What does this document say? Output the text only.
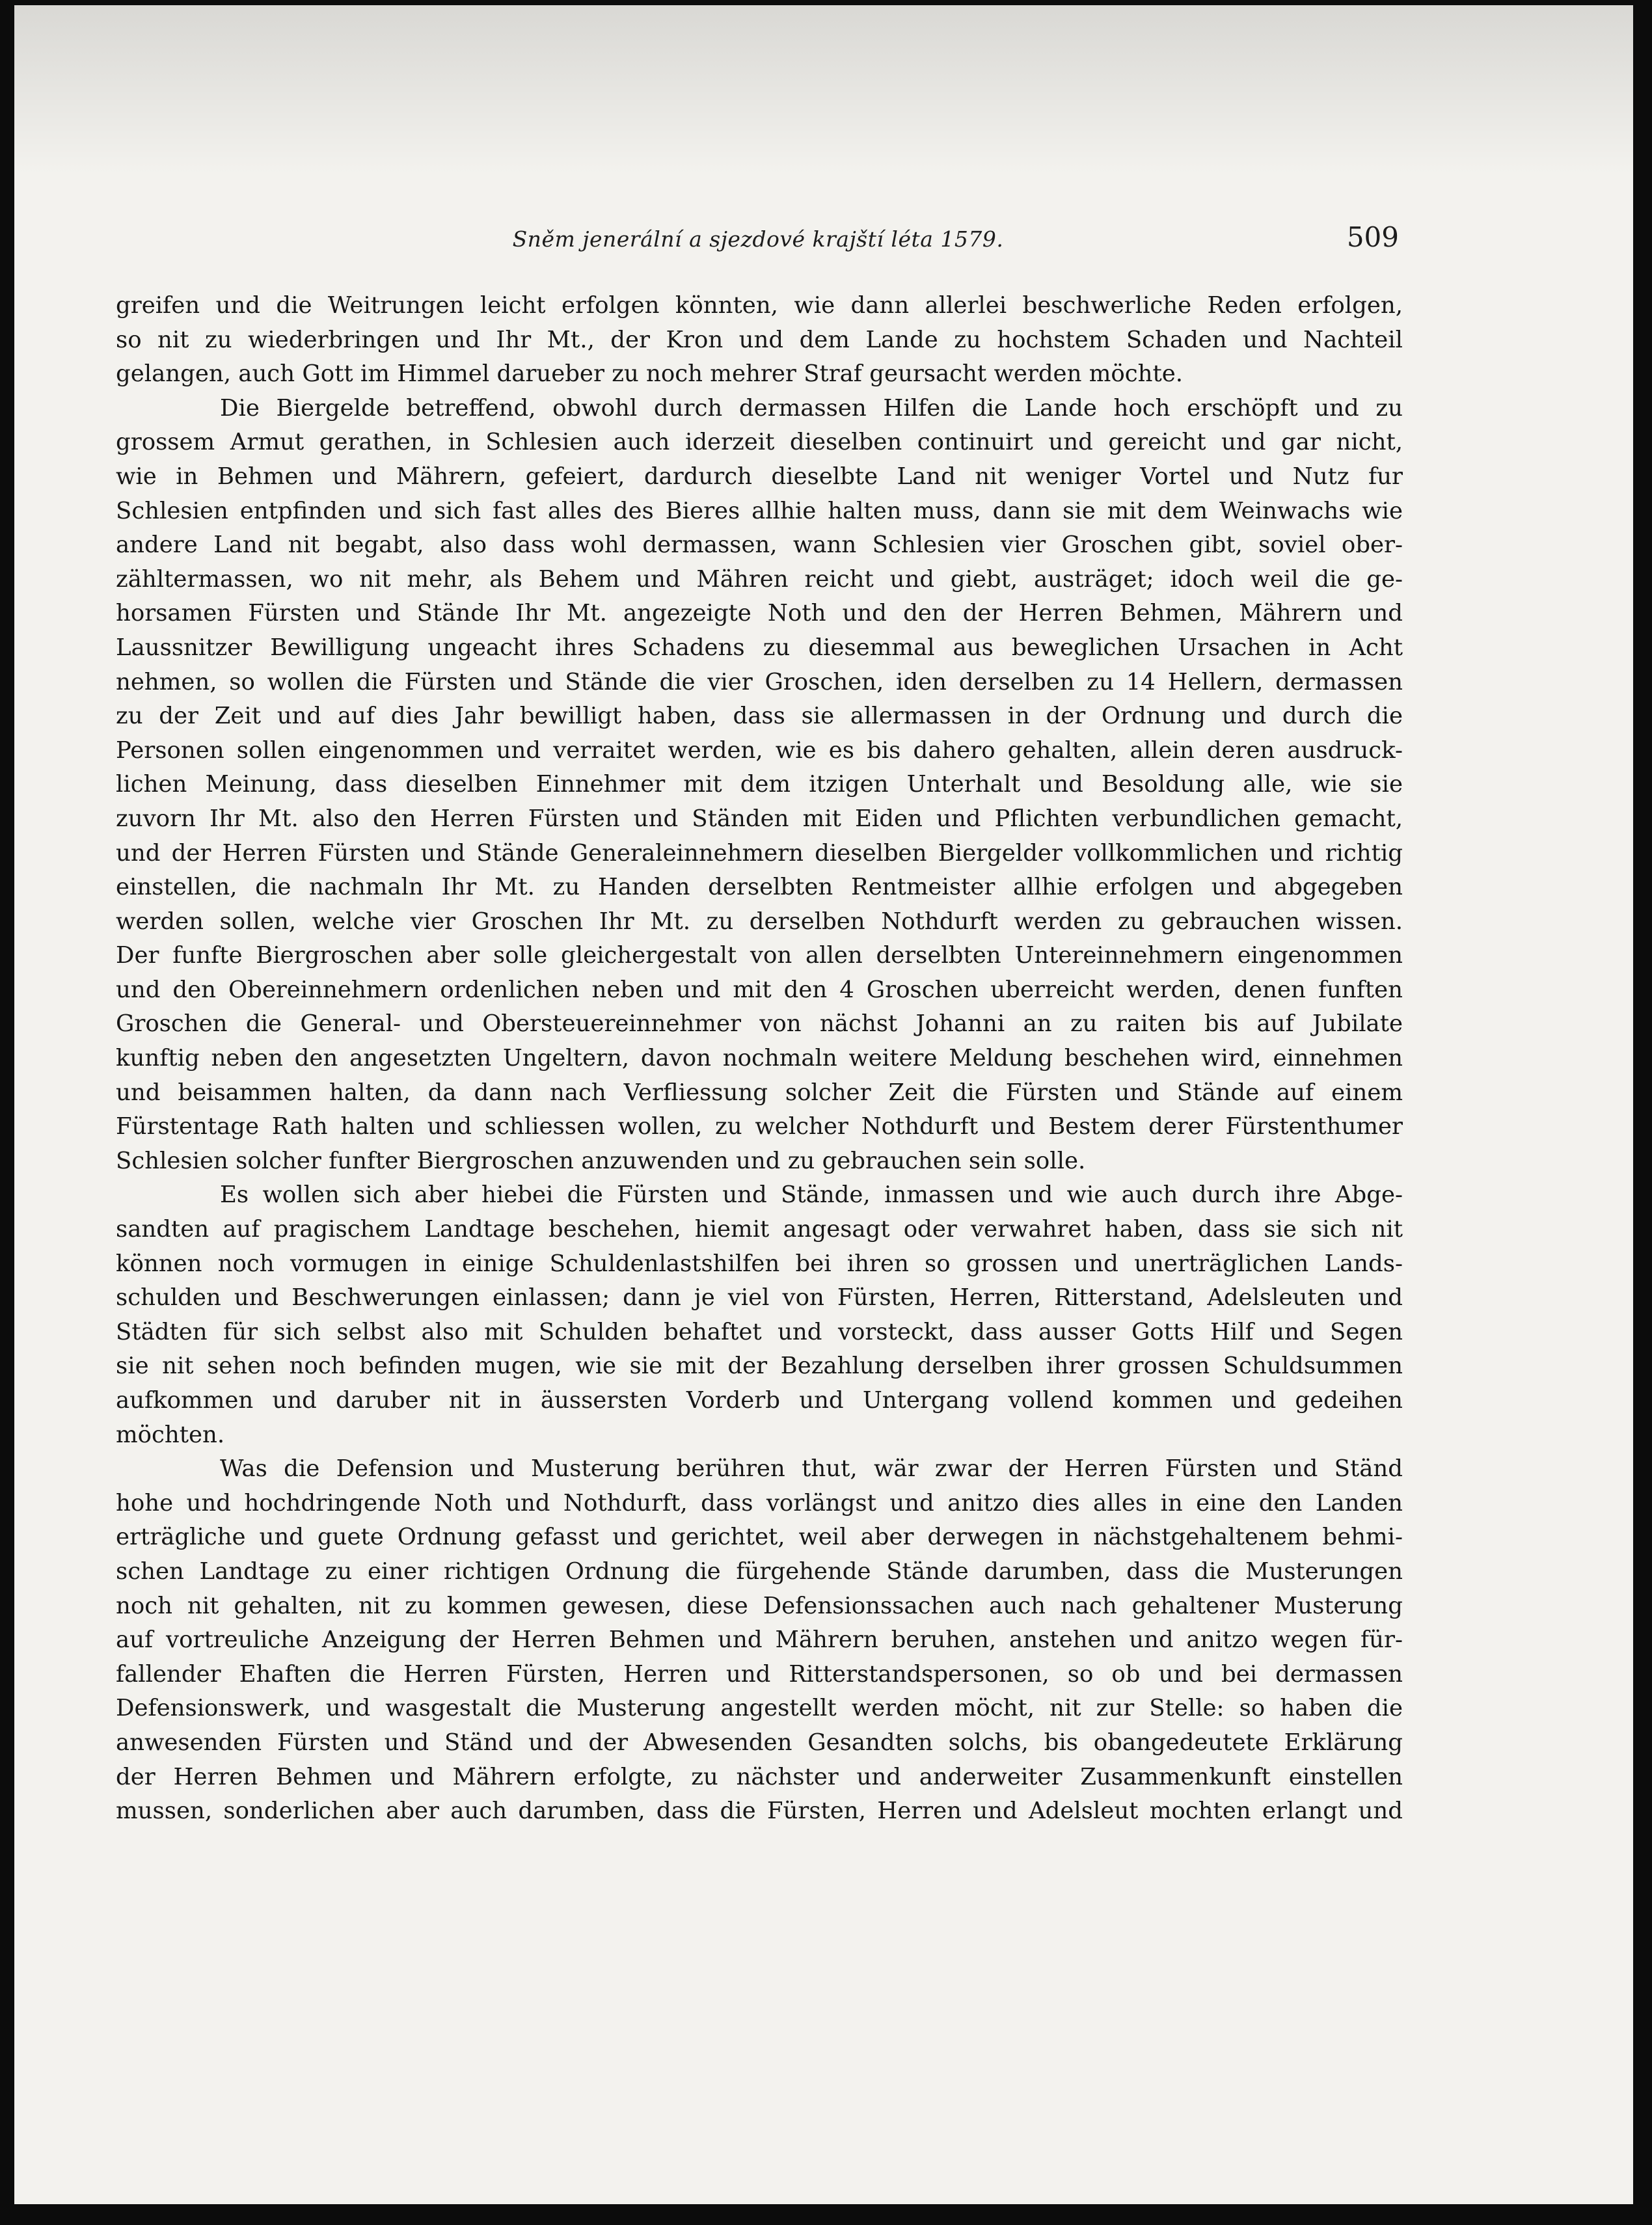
Sněm jenerální a sjezdové krajští léta 1579.	509
greifen und die Weitrungen leicht erfolgen könnten, wie dann allerlei beschwerliche Reden erfolgen,
so nit zu wiederbringen und Ihr Mt., der Kron und dem Lande zu hochstem Schaden und Nachteil
gelangen, auch Gott im Himmel darueber zu noch mehrer Straf geursacht werden möchte.
Die Biergelde betreffend, obwohl durch dermassen Hilfen die Lande hoch erschöpft und zu
grossem Armut gerathen, in Schlesien auch iderzeit dieselben continuirt und gereicht und gar nicht,
wie in Behmen und Mährern, gefeiert, dardurch dieselbte Land nit weniger Vortel und Nutz fur
Schlesien entpfinden und sich fast alles des Bieres allhie halten muss, dann sie mit dem Weinwachs wie
andere Land nit begabt, also dass wohl dermassen, wann Schlesien vier Groschen gibt, soviel ober-
zähltermassen, wo nit mehr, als Behem und Mähren reicht und giebt, austräget; idoch weil die ge-
horsamen Fürsten und Stände Ihr Mt. angezeigte Noth und den der Herren Behmen, Mährern und
Laussnitzer Bewilligung ungeacht ihres Schadens zu diesemmal aus beweglichen Ursachen in Acht
nehmen, so wollen die Fürsten und Stände die vier Groschen, iden derselben zu 14 Hellern, dermassen
zu der Zeit und auf dies Jahr bewilligt haben, dass sie allermassen in der Ordnung und durch die
Personen sollen eingenommen und verraitet werden, wie es bis dahero gehalten, allein deren ausdruck-
lichen Meinung, dass dieselben Einnehmer mit dem itzigen Unterhalt und Besoldung alle, wie sie
zuvorn Ihr Mt. also den Herren Fürsten und Ständen mit Eiden und Pflichten verbundlichen gemacht,
und der Herren Fürsten und Stände Generaleinnehmern dieselben Biergelder vollkommlichen und richtig
einstellen, die nachmaln Ihr Mt. zu Handen derselbten Rentmeister allhie erfolgen und abgegeben
werden sollen, welche vier Groschen Ihr Mt. zu derselben Nothdurft werden zu gebrauchen wissen.
Der funfte Biergroschen aber solle gleichergestalt von allen derselbten Untereinnehmern eingenommen
und den Obereinnehmern ordenlichen neben und mit den 4 Groschen uberreicht werden, denen funften
Groschen die General- und Obersteuereinnehmer von nächst Johanni an zu raiten bis auf Jubilate
kunftig neben den angesetzten Ungeltern, davon nochmaln weitere Meldung beschehen wird, einnehmen
und beisammen halten, da dann nach Verfliessung solcher Zeit die Fürsten und Stände auf einem
Fürstentage Rath halten und schliessen wollen, zu welcher Nothdurft und Bestem derer Fürstenthumer
Schlesien solcher funfter Biergroschen anzuwenden und zu gebrauchen sein solle.
Es wollen sich aber hiebei die Fürsten und Stände, inmassen und wie auch durch ihre Abge-
sandten auf pragischem Landtage beschehen, hiemit angesagt oder verwahret haben, dass sie sich nit
können noch vormugen in einige Schuldenlastshilfen bei ihren so grossen und unerträglichen Lands-
schulden und Beschwerungen einlassen; dann je viel von Fürsten, Herren, Ritterstand, Adelsleuten und
Städten für sich selbst also mit Schulden behaftet und vorsteckt, dass ausser Gotts Hilf und Segen
sie nit sehen noch befinden mugen, wie sie mit der Bezahlung derselben ihrer grossen Schuldsummen
aufkommen und daruber nit in äussersten Vorderb und Untergang vollend kommen und gedeihen
möchten.
Was die Defension und Musterung berühren thut, wär zwar der Herren Fürsten und Ständ
hohe und hochdringende Noth und Nothdurft, dass vorlängst und anitzo dies alles in eine den Landen
erträgliche und guete Ordnung gefasst und gerichtet, weil aber derwegen in nächstgehaltenem behmi-
schen Landtage zu einer richtigen Ordnung die fürgehende Stände darumben, dass die Musterungen
noch nit gehalten, nit zu kommen gewesen, diese Defensionssachen auch nach gehaltener Musterung
auf vortreuliche Anzeigung der Herren Behmen und Mährern beruhen, anstehen und anitzo wegen für-
fallender Ehaften die Herren Fürsten, Herren und Ritterstandspersonen, so ob und bei dermassen
Defensionswerk, und wasgestalt die Musterung angestellt werden möcht, nit zur Stelle: so haben die
anwesenden Fürsten und Ständ und der Abwesenden Gesandten solchs, bis obangedeutete Erklärung
der Herren Behmen und Mährern erfolgte, zu nächster und anderweiter Zusammenkunft einstellen
mussen, sonderlichen aber auch darumben, dass die Fürsten, Herren und Adelsleut mochten erlangt und
